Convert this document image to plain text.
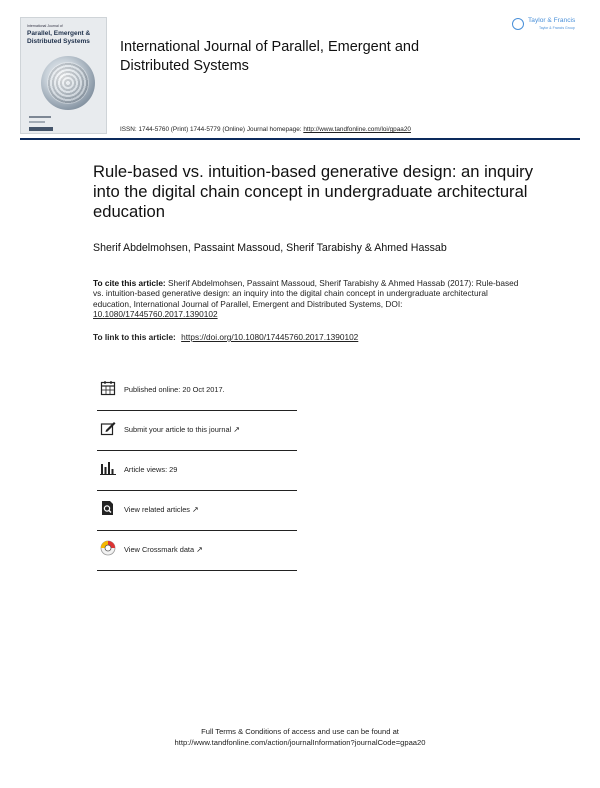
International Journal of
Parallel, Emergent & Distributed Systems	International Journal of Parallel, Emergent and Distributed Systems
ISSN: 1744-5760 (Print) 1744-5779 (Online) Journal homepage: http://www.tandfonline.com/loi/gpaa20
Taylor & Francis
Taylor & Francis Group
Rule-based vs. intuition-based generative design: an inquiry into the digital chain concept in undergraduate architectural education
Sherif Abdelmohsen, Passaint Massoud, Sherif Tarabishy & Ahmed Hassab
To cite this article: Sherif Abdelmohsen, Passaint Massoud, Sherif Tarabishy & Ahmed Hassab (2017): Rule-based vs. intuition-based generative design: an inquiry into the digital chain concept in undergraduate architectural education, International Journal of Parallel, Emergent and Distributed Systems, DOI: 10.1080/17445760.2017.1390102
To link to this article: https://doi.org/10.1080/17445760.2017.1390102
Published online: 20 Oct 2017.
Submit your article to this journal ↗
Article views: 29
View related articles ↗
View Crossmark data ↗
Full Terms & Conditions of access and use can be found at
http://www.tandfonline.com/action/journalInformation?journalCode=gpaa20
